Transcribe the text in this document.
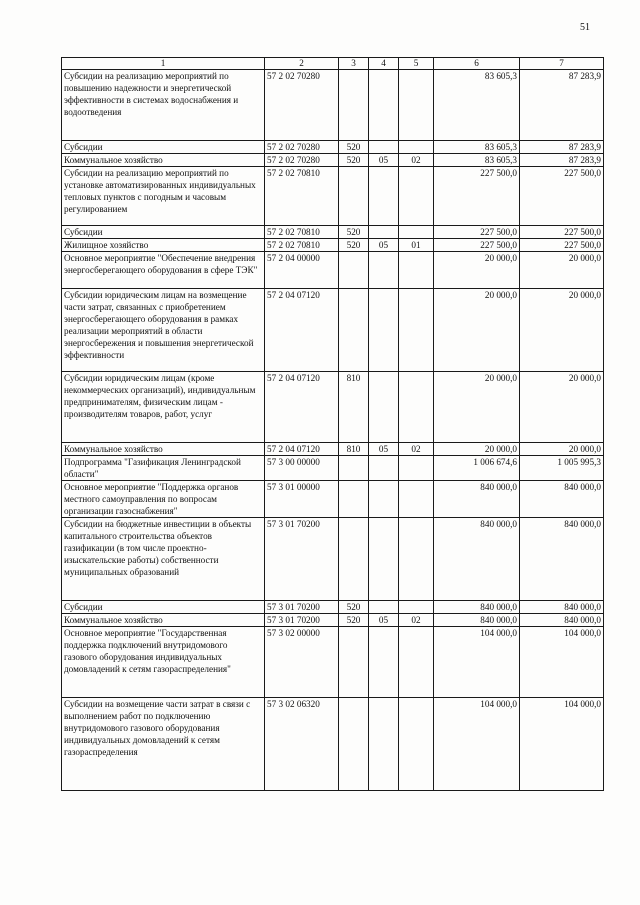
51
1	2	3	4	5	6	7
Субсидии на реализацию мероприятий по повышению надежности и энергетической эффективности в системах водоснабжения и водоотведения	57 2 02 70280				83 605,3	87 283,9
Субсидии	57 2 02 70280	520			83 605,3	87 283,9
Коммунальное хозяйство	57 2 02 70280	520	05	02	83 605,3	87 283,9
Субсидии на реализацию мероприятий по установке автоматизированных индивидуальных тепловых пунктов с погодным и часовым регулированием	57 2 02 70810				227 500,0	227 500,0
Субсидии	57 2 02 70810	520			227 500,0	227 500,0
Жилищное хозяйство	57 2 02 70810	520	05	01	227 500,0	227 500,0
Основное мероприятие "Обеспечение внедрения энергосберегающего оборудования в сфере ТЭК"	57 2 04 00000				20 000,0	20 000,0
Субсидии юридическим лицам на возмещение части затрат, связанных с приобретением энергосберегающего оборудования в рамках реализации мероприятий в области энергосбережения и повышения энергетической эффективности	57 2 04 07120				20 000,0	20 000,0
Субсидии юридическим лицам (кроме некоммерческих организаций), индивидуальным предпринимателям, физическим лицам - производителям товаров, работ, услуг	57 2 04 07120	810			20 000,0	20 000,0
Коммунальное хозяйство	57 2 04 07120	810	05	02	20 000,0	20 000,0
Подпрограмма "Газификация Ленинградской области"	57 3 00 00000				1 006 674,6	1 005 995,3
Основное мероприятие "Поддержка органов местного самоуправления по вопросам организации газоснабжения"	57 3 01 00000				840 000,0	840 000,0
Субсидии на бюджетные инвестиции в объекты капитального строительства объектов газификации (в том числе проектно-изыскательские работы) собственности муниципальных образований	57 3 01 70200				840 000,0	840 000,0
Субсидии	57 3 01 70200	520			840 000,0	840 000,0
Коммунальное хозяйство	57 3 01 70200	520	05	02	840 000,0	840 000,0
Основное мероприятие "Государственная поддержка подключений внутридомового газового оборудования индивидуальных домовладений к сетям газораспределения"	57 3 02 00000				104 000,0	104 000,0
Субсидии на возмещение части затрат в связи с выполнением работ по подключению внутридомового газового оборудования индивидуальных домовладений к сетям газораспределения	57 3 02 06320				104 000,0	104 000,0
